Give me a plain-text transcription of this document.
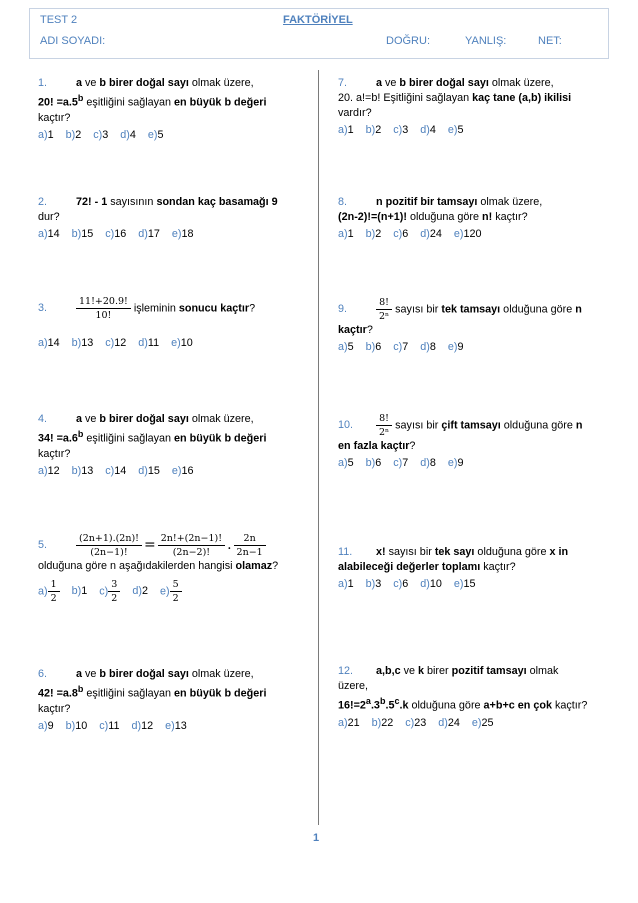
TEST 2	FAKTÖRİYEL
ADI SOYADI:	DOĞRU:	YANLIŞ:	NET:
1.	a ve b birer doğal sayı olmak üzere,
20! =a.5$^b$ eşitliğini sağlayan en büyük b değeri
kaçtır?
a)1 b)2 c)3 d)4 e)5
2.	72! - 1 sayısının sondan kaç basamağı 9
dur?
a)14 b)15 c)16 d)17 e)18
3.	$\frac{11!+20.9!}{10!}$ işleminin sonucu kaçtır?
a)14 b)13 c)12 d)11 e)10
4.	a ve b birer doğal sayı olmak üzere,
34! =a.6$^b$ eşitliğini sağlayan en büyük b değeri
kaçtır?
a)12 b)13 c)14 d)15 e)16
5.	$\frac{(2n+1).(2n)!}{(2n-1)!} = \frac{2n!+(2n-1)!}{(2n-2)!}$ . $\frac{2n}{2n-1}$
olduğuna göre n aşağıdakilerden hangisi olamaz?
$a) \frac{1}{2} b)1$ $c) \frac{3}{2} d)2$ $e) \frac{5}{2}$
6.	a ve b birer doğal sayı olmak üzere,
42! =a.8$^b$ eşitliğini sağlayan en büyük b değeri
kaçtır?
a)9 b)10 c)11 d)12 e)13
7.	a ve b birer doğal sayı olmak üzere,
20. a!=b! Eşitliğini sağlayan kaç tane (a,b) ikilisi
vardır?
a)1 b)2 c)3 d)4 e)5
8.	n pozitif bir tamsayı olmak üzere,
(2n-2)!=(n+1)! olduğuna göre n! kaçtır?
a)1 b)2 c)6 d)24 e)120
9.	$\frac{8!}{\text{2ⁿ}}$ sayısı bir tek tamsayı olduğuna göre n
kaçtır?
a)5 b)6 c)7 d)8 e)9
10. $\frac{8!}{\text{2ⁿ}}$ sayısı bir çift tamsayı olduğuna göre n
en fazla kaçtır?
a)5 b)6 c)7 d)8 e)9
11. x! sayısı bir tek sayı olduğuna göre x in
alabileceği değerler toplamı kaçtır?
a)1 b)3 c)6 d)10 e)15
12. a,b,c ve k birer pozitif tamsayı olmak
üzere,
$16!=2^a.3^b.5^c.k$ olduğuna göre a+b+c en çok kaçtır?
a)21 b)22 c)23 d)24 e)25
1
